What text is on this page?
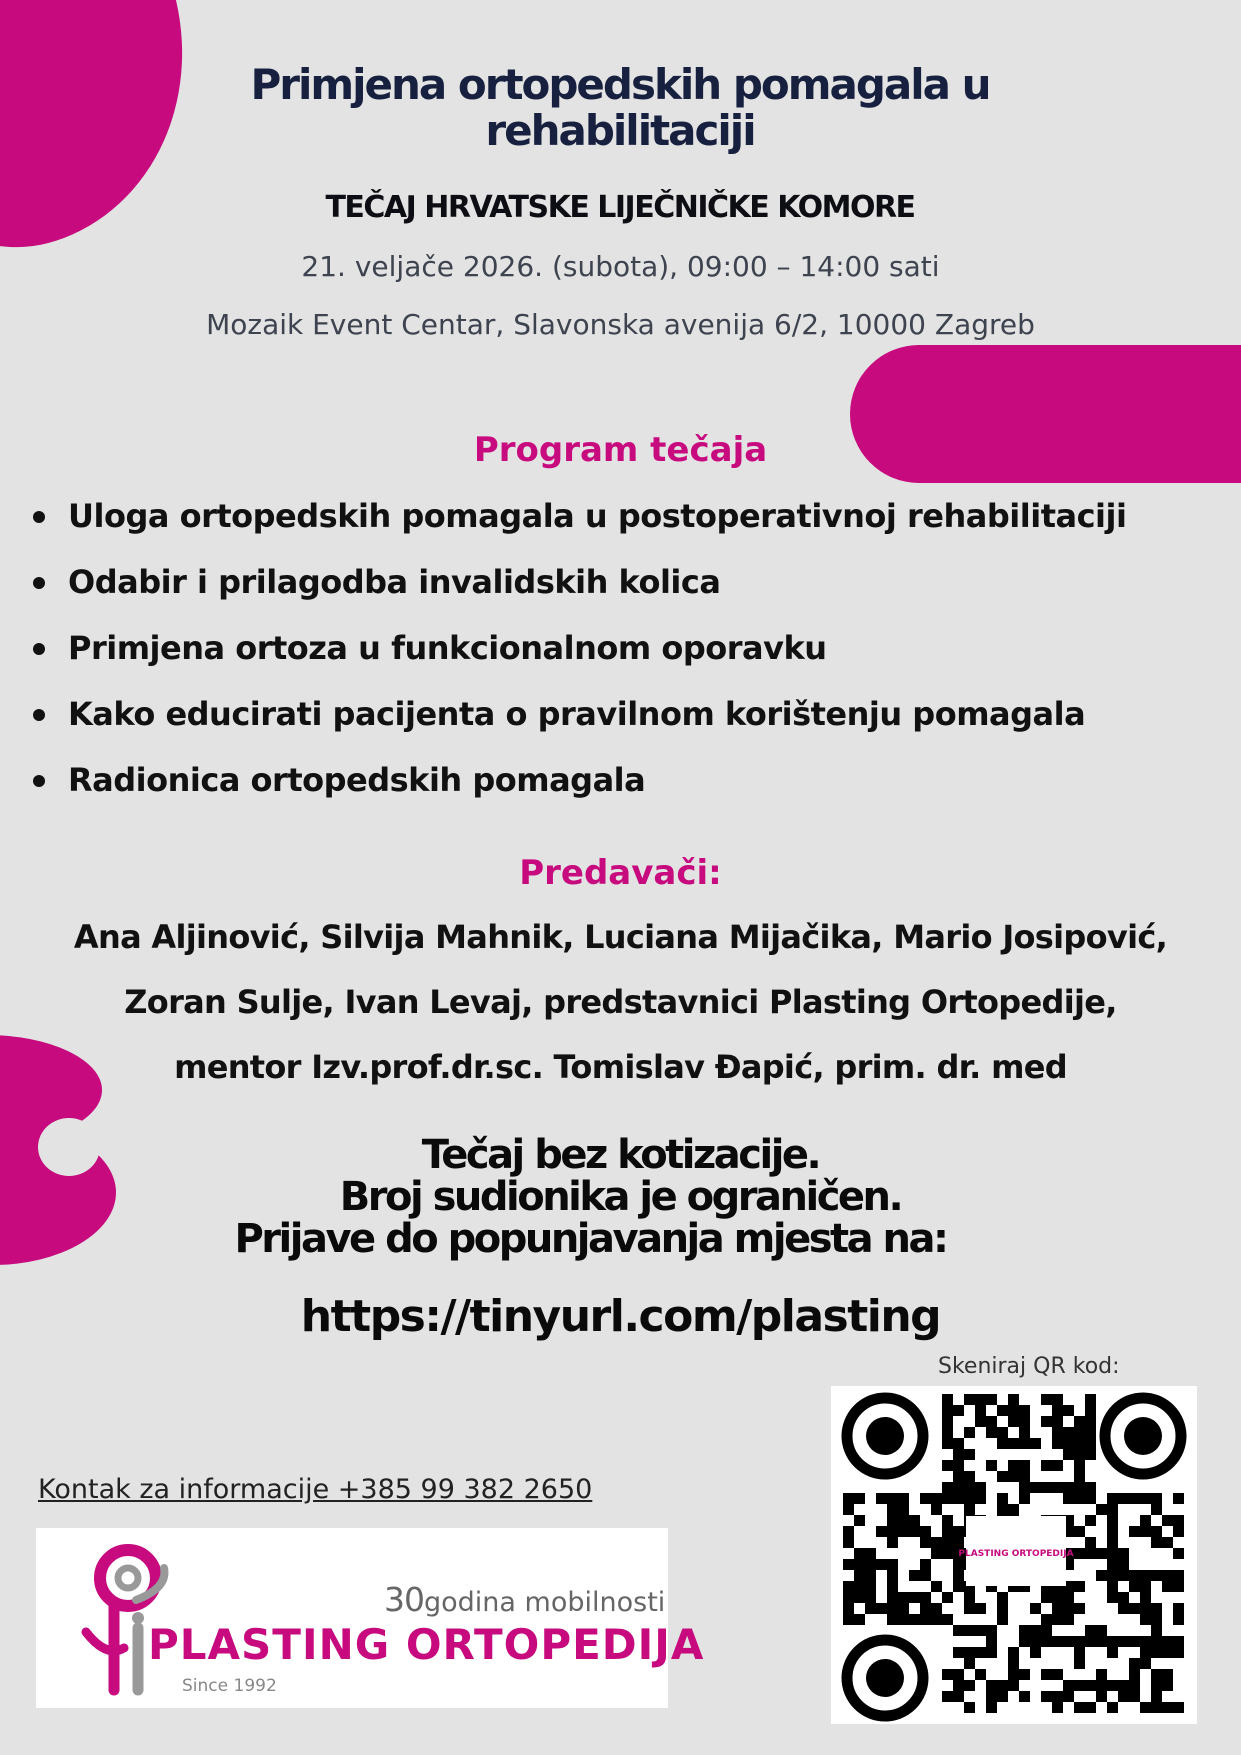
Primjena ortopedskih pomagala u
rehabilitaciji
TEČAJ HRVATSKE LIJEČNIČKE KOMORE
21. veljače 2026. (subota), 09:00 – 14:00 sati
Mozaik Event Centar, Slavonska avenija 6/2, 10000 Zagreb
Program tečaja
Uloga ortopedskih pomagala u postoperativnoj rehabilitaciji
Odabir i prilagodba invalidskih kolica
Primjena ortoza u funkcionalnom oporavku
Kako educirati pacijenta o pravilnom korištenju pomagala
Radionica ortopedskih pomagala
Predavači:
Ana Aljinović, Silvija Mahnik, Luciana Mijačika, Mario Josipović,
Zoran Sulje, Ivan Levaj, predstavnici Plasting Ortopedije,
mentor Izv.prof.dr.sc. Tomislav Đapić, prim. dr. med
Tečaj bez kotizacije.
Broj sudionika je ograničen.
Prijave do popunjavanja mjesta na:
https://tinyurl.com/plasting
Skeniraj QR kod:
Kontak za informacije +385 99 382 2650
30godina mobilnosti
PLASTING ORTOPEDIJA
Since 1992
PLASTING ORTOPEDIJA
